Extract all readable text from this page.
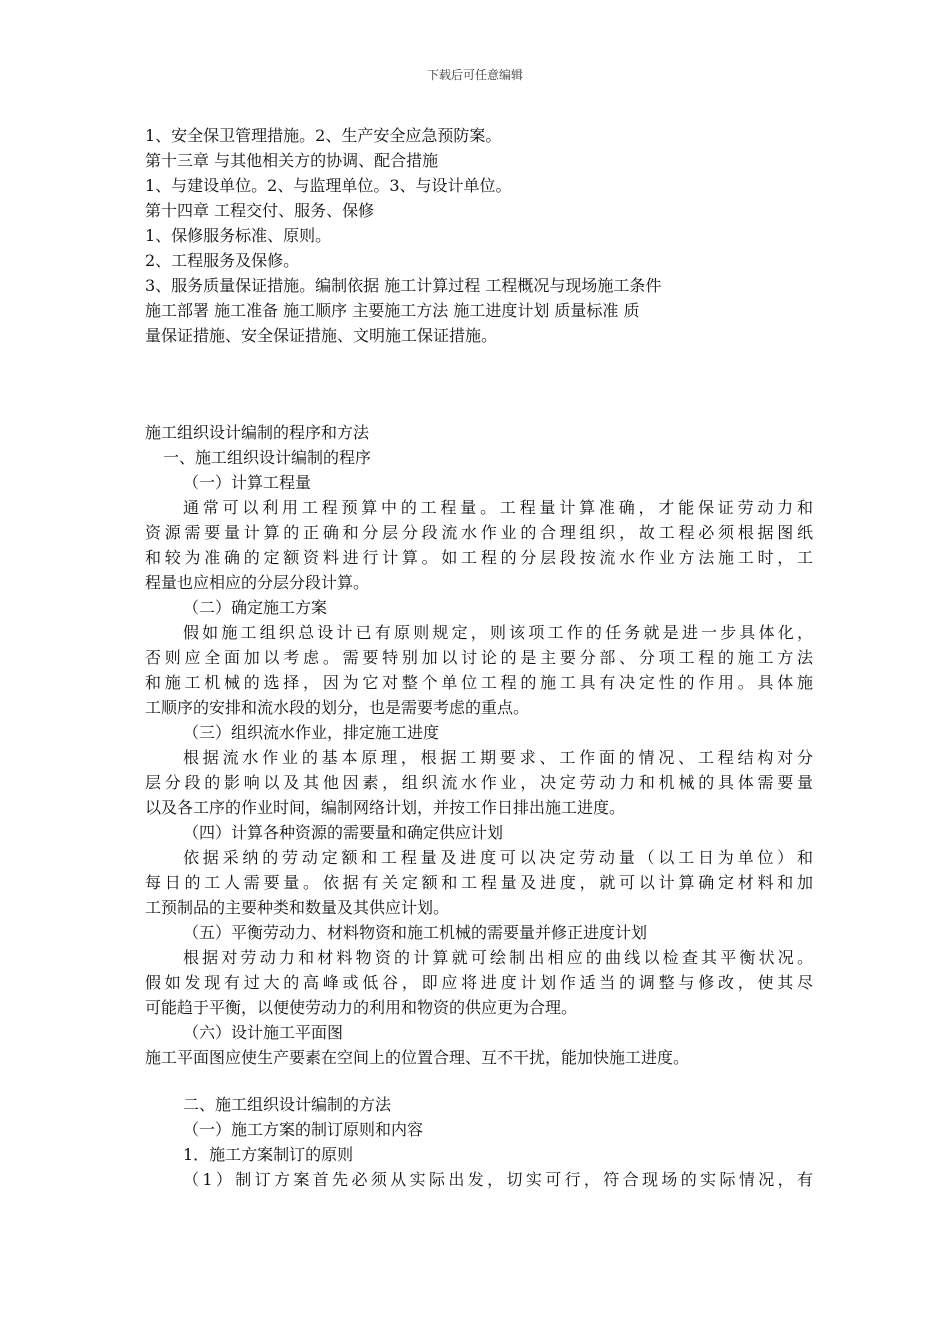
下载后可任意编辑
1、安全保卫管理措施。2、生产安全应急预防案。
第十三章 与其他相关方的协调、配合措施
1、与建设单位。2、与监理单位。3、与设计单位。
第十四章 工程交付、服务、保修
1、保修服务标准、原则。
2、工程服务及保修。
3、服务质量保证措施。编制依据 施工计算过程 工程概况与现场施工条件
施工部署 施工准备 施工顺序 主要施工方法 施工进度计划 质量标准 质
量保证措施、安全保证措施、文明施工保证措施。
施工组织设计编制的程序和方法
一、施工组织设计编制的程序
（一）计算工程量
通常可以利用工程预算中的工程量。工程量计算准确，才能保证劳动力和
资源需要量计算的正确和分层分段流水作业的合理组织，故工程必须根据图纸
和较为准确的定额资料进行计算。如工程的分层段按流水作业方法施工时，工
程量也应相应的分层分段计算。
（二）确定施工方案
假如施工组织总设计已有原则规定，则该项工作的任务就是进一步具体化，
否则应全面加以考虑。需要特别加以讨论的是主要分部、分项工程的施工方法
和施工机械的选择，因为它对整个单位工程的施工具有决定性的作用。具体施
工顺序的安排和流水段的划分，也是需要考虑的重点。
（三）组织流水作业，排定施工进度
根据流水作业的基本原理，根据工期要求、工作面的情况、工程结构对分
层分段的影响以及其他因素，组织流水作业，决定劳动力和机械的具体需要量
以及各工序的作业时间，编制网络计划，并按工作日排出施工进度。
（四）计算各种资源的需要量和确定供应计划
依据采纳的劳动定额和工程量及进度可以决定劳动量（以工日为单位）和
每日的工人需要量。依据有关定额和工程量及进度，就可以计算确定材料和加
工预制品的主要种类和数量及其供应计划。
（五）平衡劳动力、材料物资和施工机械的需要量并修正进度计划
根据对劳动力和材料物资的计算就可绘制出相应的曲线以检查其平衡状况。
假如发现有过大的高峰或低谷，即应将进度计划作适当的调整与修改，使其尽
可能趋于平衡，以便使劳动力的利用和物资的供应更为合理。
（六）设计施工平面图
施工平面图应使生产要素在空间上的位置合理、互不干扰，能加快施工进度。
二、施工组织设计编制的方法
（一）施工方案的制订原则和内容
1．施工方案制订的原则
（1）制订方案首先必须从实际出发，切实可行，符合现场的实际情况，有
